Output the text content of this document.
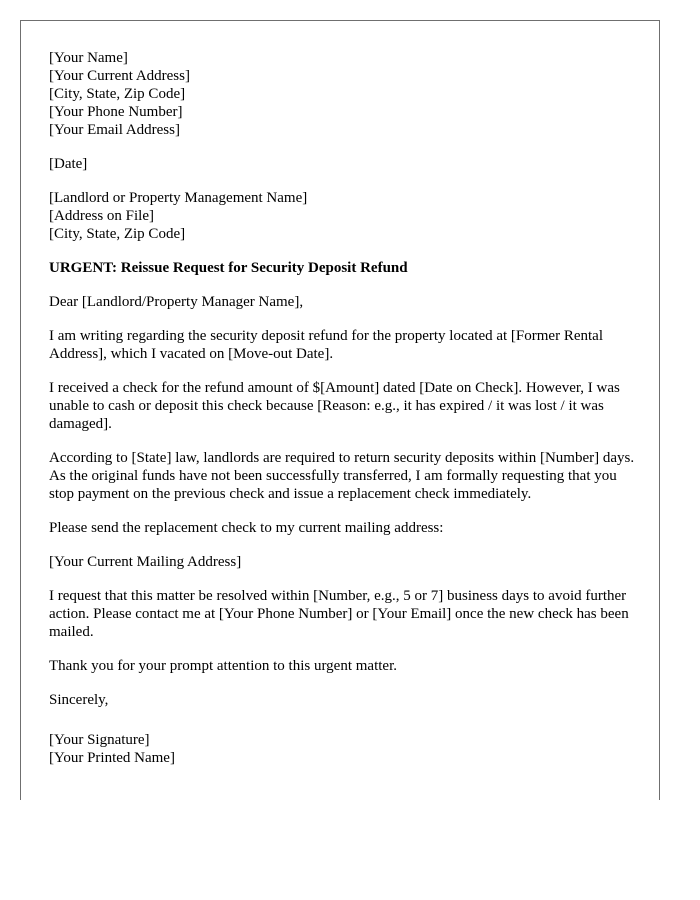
[Your Name]
[Your Current Address]
[City, State, Zip Code]
[Your Phone Number]
[Your Email Address]
[Date]
[Landlord or Property Management Name]
[Address on File]
[City, State, Zip Code]

URGENT: Reissue Request for Security Deposit Refund

Dear [Landlord/Property Manager Name],

I am writing regarding the security deposit refund for the property located at [Former Rental Address], which I vacated on [Move-out Date].

I received a check for the refund amount of $[Amount] dated [Date on Check]. However, I was unable to cash or deposit this check because [Reason: e.g., it has expired / it was lost / it was damaged].

According to [State] law, landlords are required to return security deposits within [Number] days. As the original funds have not been successfully transferred, I am formally requesting that you stop payment on the previous check and issue a replacement check immediately.

Please send the replacement check to my current mailing address:

[Your Current Mailing Address]

I request that this matter be resolved within [Number, e.g., 5 or 7] business days to avoid further action. Please contact me at [Your Phone Number] or [Your Email] once the new check has been mailed.

Thank you for your prompt attention to this urgent matter.

Sincerely,

[Your Signature]
[Your Printed Name]
